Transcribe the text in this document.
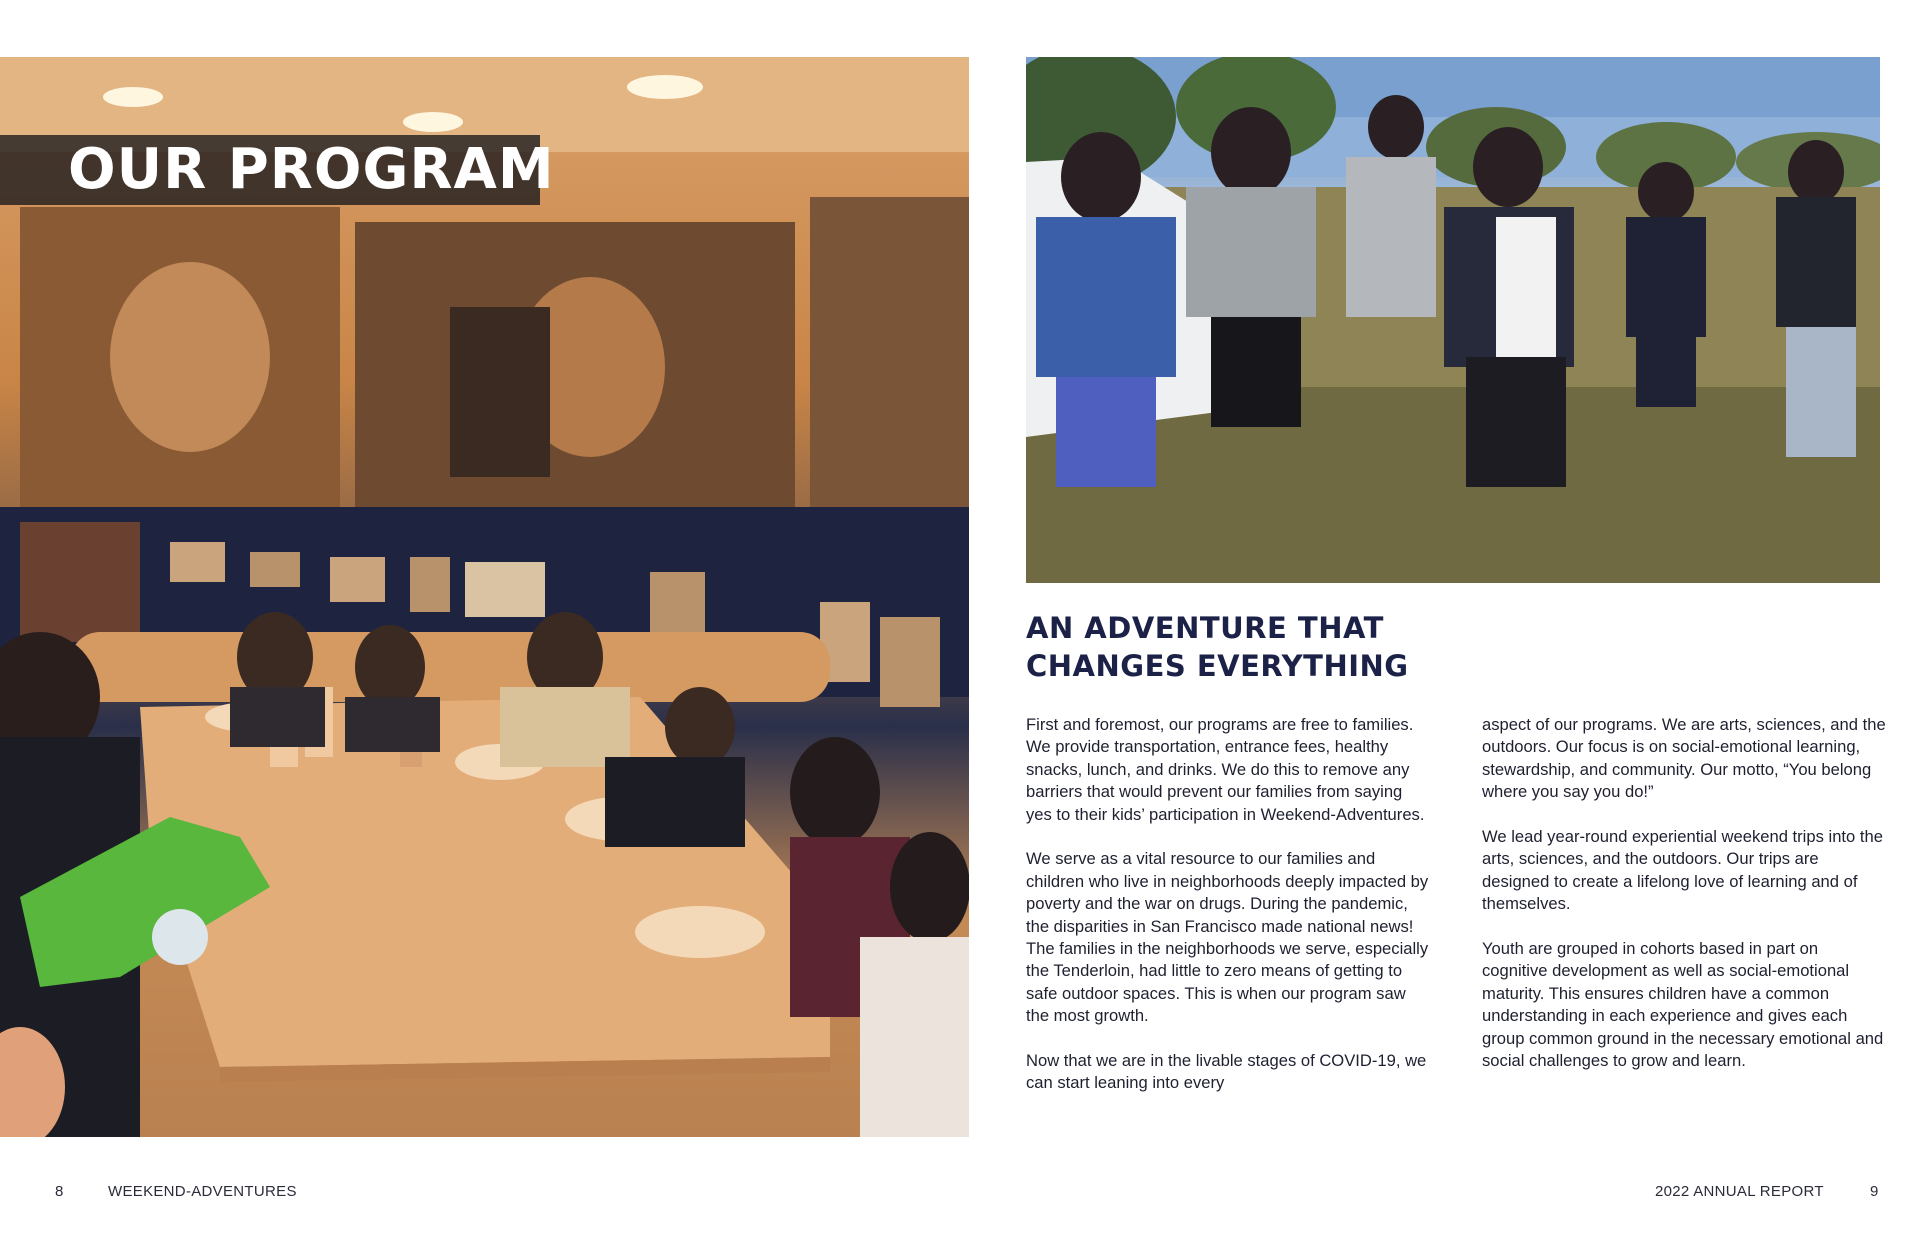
OUR PROGRAM
AN ADVENTURE THAT
CHANGES EVERYTHING

First and foremost, our programs are free to families. We provide transportation, entrance fees, healthy snacks, lunch, and drinks. We do this to remove any barriers that would prevent our families from saying yes to their kids’ participation in Weekend-Adventures.

We serve as a vital resource to our families and children who live in neighborhoods deeply impacted by poverty and the war on drugs. During the pandemic, the disparities in San Francisco made national news! The families in the neighborhoods we serve, especially the Tenderloin, had little to zero means of getting to safe outdoor spaces. This is when our program saw the most growth.

Now that we are in the livable stages of COVID-19, we can start leaning into every

aspect of our programs. We are arts, sciences, and the outdoors. Our focus is on social-emotional learning, stewardship, and community. Our motto, “You belong where you say you do!”

We lead year-round experiential weekend trips into the arts, sciences, and the outdoors. Our trips are designed to create a lifelong love of learning and of themselves.

Youth are grouped in cohorts based in part on cognitive development as well as social-emotional maturity. This ensures children have a common understanding in each experience and gives each group common ground in the necessary emotional and social challenges to grow and learn.

8	WEEKEND-ADVENTURES	2022 ANNUAL REPORT	9
